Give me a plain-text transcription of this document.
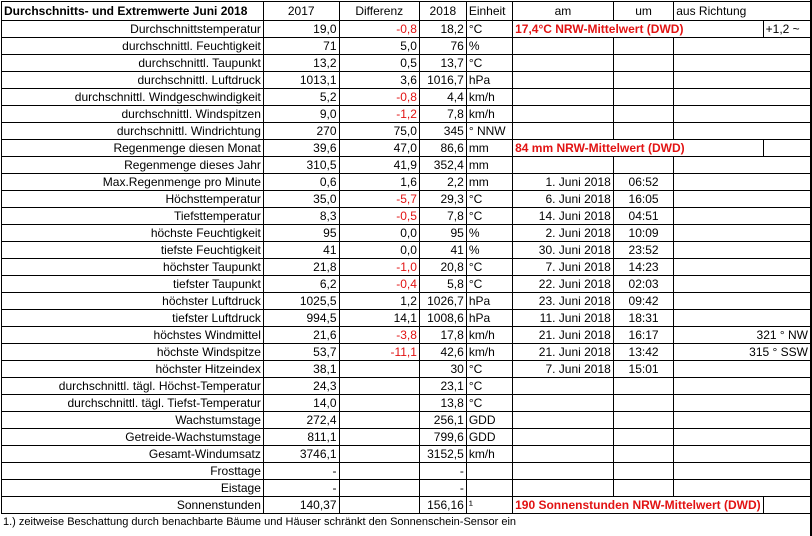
Durchschnitts- und Extremwerte Juni 2018	2017	Differenz	2018	Einheit	am	um	aus Richtung	
Durchschnittstemperatur	19,0	-0,8	18,2	°C	17,4°C NRW-Mittelwert (DWD)			+1,2 ~
durchschnittl. Feuchtigkeit	71	5,0	76	%				
durchschnittl. Taupunkt	13,2	0,5	13,7	°C				
durchschnittl. Luftdruck	1013,1	3,6	1016,7	hPa				
durchschnittl. Windgeschwindigkeit	5,2	-0,8	4,4	km/h				
durchschnittl. Windspitzen	9,0	-1,2	7,8	km/h				
durchschnittl. Windrichtung	270	75,0	345	° NNW				
Regenmenge diesen Monat	39,6	47,0	86,6	mm	84 mm NRW-Mittelwert (DWD)			
Regenmenge dieses Jahr	310,5	41,9	352,4	mm				
Max.Regenmenge pro Minute	0,6	1,6	2,2	mm	1. Juni 2018	06:52		
Höchsttemperatur	35,0	-5,7	29,3	°C	6. Juni 2018	16:05		
Tiefsttemperatur	8,3	-0,5	7,8	°C	14. Juni 2018	04:51		
höchste Feuchtigkeit	95	0,0	95	%	2. Juni 2018	10:09		
tiefste Feuchtigkeit	41	0,0	41	%	30. Juni 2018	23:52		
höchster Taupunkt	21,8	-1,0	20,8	°C	7. Juni 2018	14:23		
tiefster Taupunkt	6,2	-0,4	5,8	°C	22. Juni 2018	02:03		
höchster Luftdruck	1025,5	1,2	1026,7	hPa	23. Juni 2018	09:42		
tiefster Luftdruck	994,5	14,1	1008,6	hPa	11. Juni 2018	18:31		
höchstes Windmittel	21,6	-3,8	17,8	km/h	21. Juni 2018	16:17	321 ° NW	
höchste Windspitze	53,7	-11,1	42,6	km/h	21. Juni 2018	13:42	315 ° SSW	
höchster Hitzeindex	38,1		30	°C	7. Juni 2018	15:01		
durchschnittl. tägl. Höchst-Temperatur	24,3		23,1	°C				
durchschnittl. tägl. Tiefst-Temperatur	14,0		13,8	°C				
Wachstumstage	272,4		256,1	GDD				
Getreide-Wachstumstage	811,1		799,6	GDD				
Gesamt-Windumsatz	3746,1		3152,5	km/h				
Frosttage	-		-					
Eistage	-		-					
Sonnenstunden	140,37		156,16	¹	190 Sonnenstunden NRW-Mittelwert (DWD)			
1.) zeitweise Beschattung durch benachbarte Bäume und Häuser schränkt den Sonnenschein-Sensor ein
